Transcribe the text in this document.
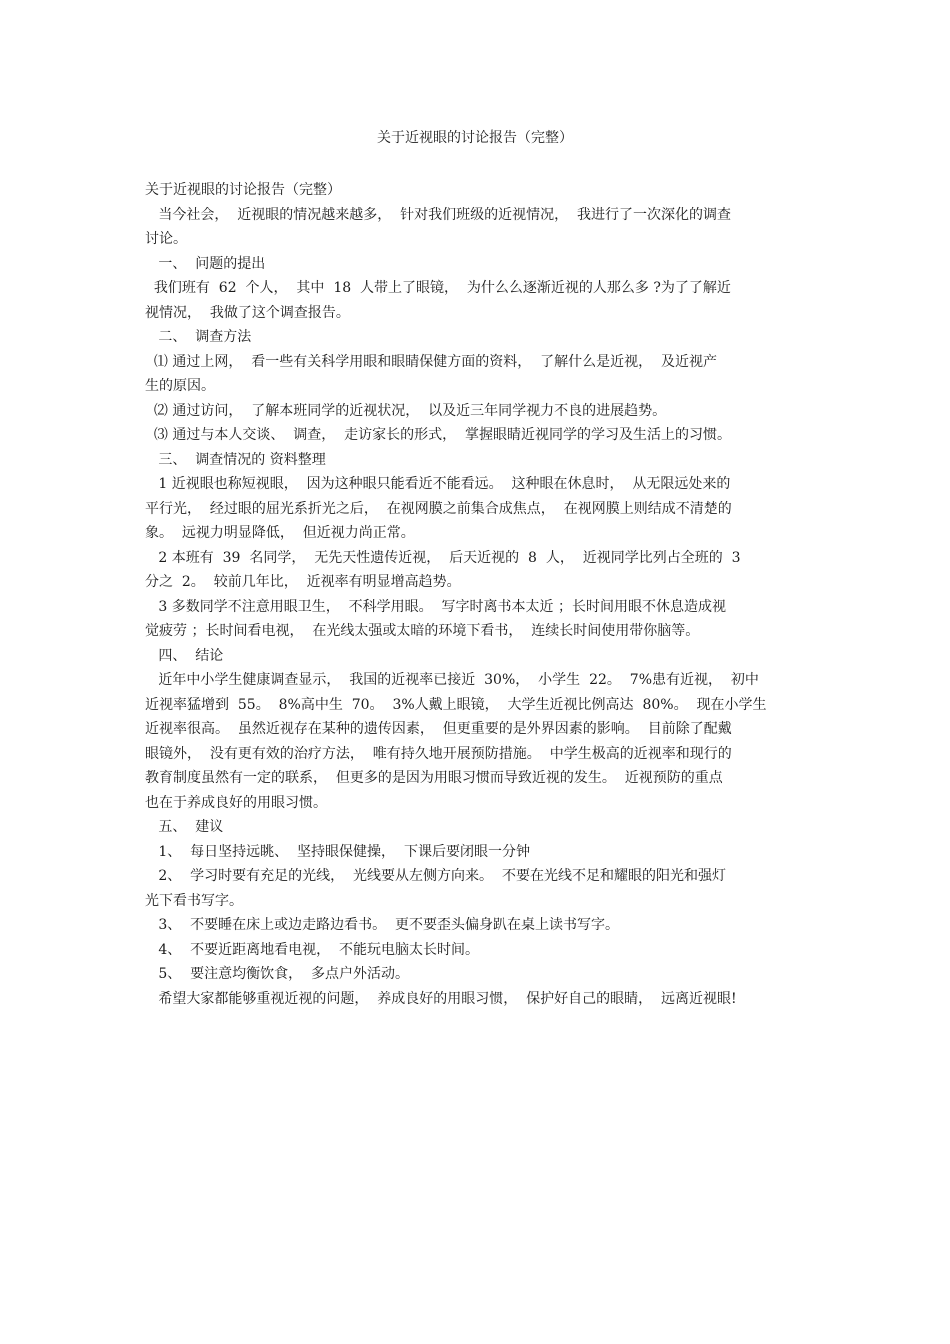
关于近视眼的讨论报告（完整）

关于近视眼的讨论报告（完整）

当今社会，  近视眼的情况越来越多，  针对我们班级的近视情况，  我进行了一次深化的调查

讨论。

一、  问题的提出

我们班有  62  个人，  其中  18  人带上了眼镜，  为什么么逐渐近视的人那么多 ?为了了解近

视情况，  我做了这个调查报告。

二、  调查方法

⑴ 通过上网，  看一些有关科学用眼和眼睛保健方面的资料，  了解什么是近视，  及近视产

生的原因。

⑵ 通过访问，  了解本班同学的近视状况，  以及近三年同学视力不良的进展趋势。

⑶ 通过与本人交谈、  调查，  走访家长的形式，  掌握眼睛近视同学的学习及生活上的习惯。

三、  调查情况的 资料整理

1 近视眼也称短视眼，  因为这种眼只能看近不能看远。  这种眼在休息时，  从无限远处来的

平行光，  经过眼的屈光系折光之后，  在视网膜之前集合成焦点，  在视网膜上则结成不清楚的

象。  远视力明显降低，  但近视力尚正常。

2 本班有  39  名同学，  无先天性遗传近视，  后天近视的  8  人，  近视同学比列占全班的  3

分之  2。  较前几年比，  近视率有明显增高趋势。

3 多数同学不注意用眼卫生，  不科学用眼。  写字时离书本太近 ；长时间用眼不休息造成视

觉疲劳 ；长时间看电视，  在光线太强或太暗的环境下看书，  连续长时间使用带你脑等。

四、  结论

近年中小学生健康调查显示，  我国的近视率已接近  30%，  小学生  22。  7%患有近视，  初中

近视率猛增到  55。  8%高中生  70。  3%人戴上眼镜，  大学生近视比例高达  80%。  现在小学生

近视率很高。  虽然近视存在某种的遗传因素，  但更重要的是外界因素的影响。  目前除了配戴

眼镜外，  没有更有效的治疗方法，  唯有持久地开展预防措施。  中学生极高的近视率和现行的

教育制度虽然有一定的联系，  但更多的是因为用眼习惯而导致近视的发生。  近视预防的重点

也在于养成良好的用眼习惯。

五、  建议

1、  每日坚持远眺、  坚持眼保健操，  下课后要闭眼一分钟

2、  学习时要有充足的光线，  光线要从左侧方向来。  不要在光线不足和耀眼的阳光和强灯

光下看书写字。

3、  不要睡在床上或边走路边看书。  更不要歪头偏身趴在桌上读书写字。

4、  不要近距离地看电视，  不能玩电脑太长时间。

5、  要注意均衡饮食，  多点户外活动。

希望大家都能够重视近视的问题，  养成良好的用眼习惯，  保护好自己的眼睛，  远离近视眼!
